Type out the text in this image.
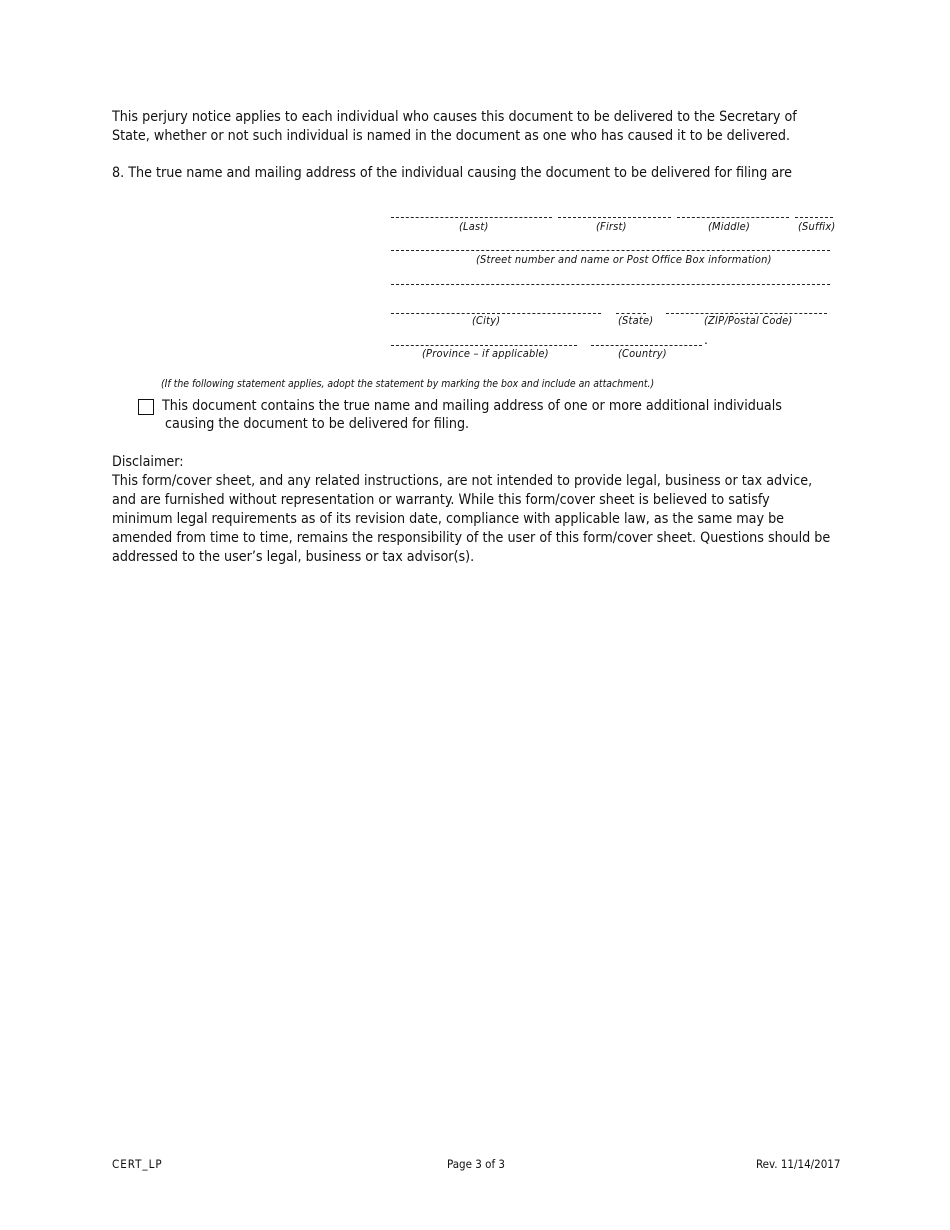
This perjury notice applies to each individual who causes this document to be delivered to the Secretary of State, whether or not such individual is named in the document as one who has caused it to be delivered.
8. The true name and mailing address of the individual causing the document to be delivered for filing are
(Last)	(First)	(Middle)	(Suffix)
(Street number and name or Post Office Box information)
(City)	(State)	(ZIP/Postal Code)
.
(Province – if applicable)	(Country)
(If the following statement applies, adopt the statement by marking the box and include an attachment.)
This document contains the true name and mailing address of one or more additional individuals
causing the document to be delivered for filing.
Disclaimer:
This form/cover sheet, and any related instructions, are not intended to provide legal, business or tax advice, and are furnished without representation or warranty. While this form/cover sheet is believed to satisfy minimum legal requirements as of its revision date, compliance with applicable law, as the same may be amended from time to time, remains the responsibility of the user of this form/cover sheet. Questions should be addressed to the user’s legal, business or tax advisor(s).
CERT_LP	Page 3 of 3	Rev. 11/14/2017
